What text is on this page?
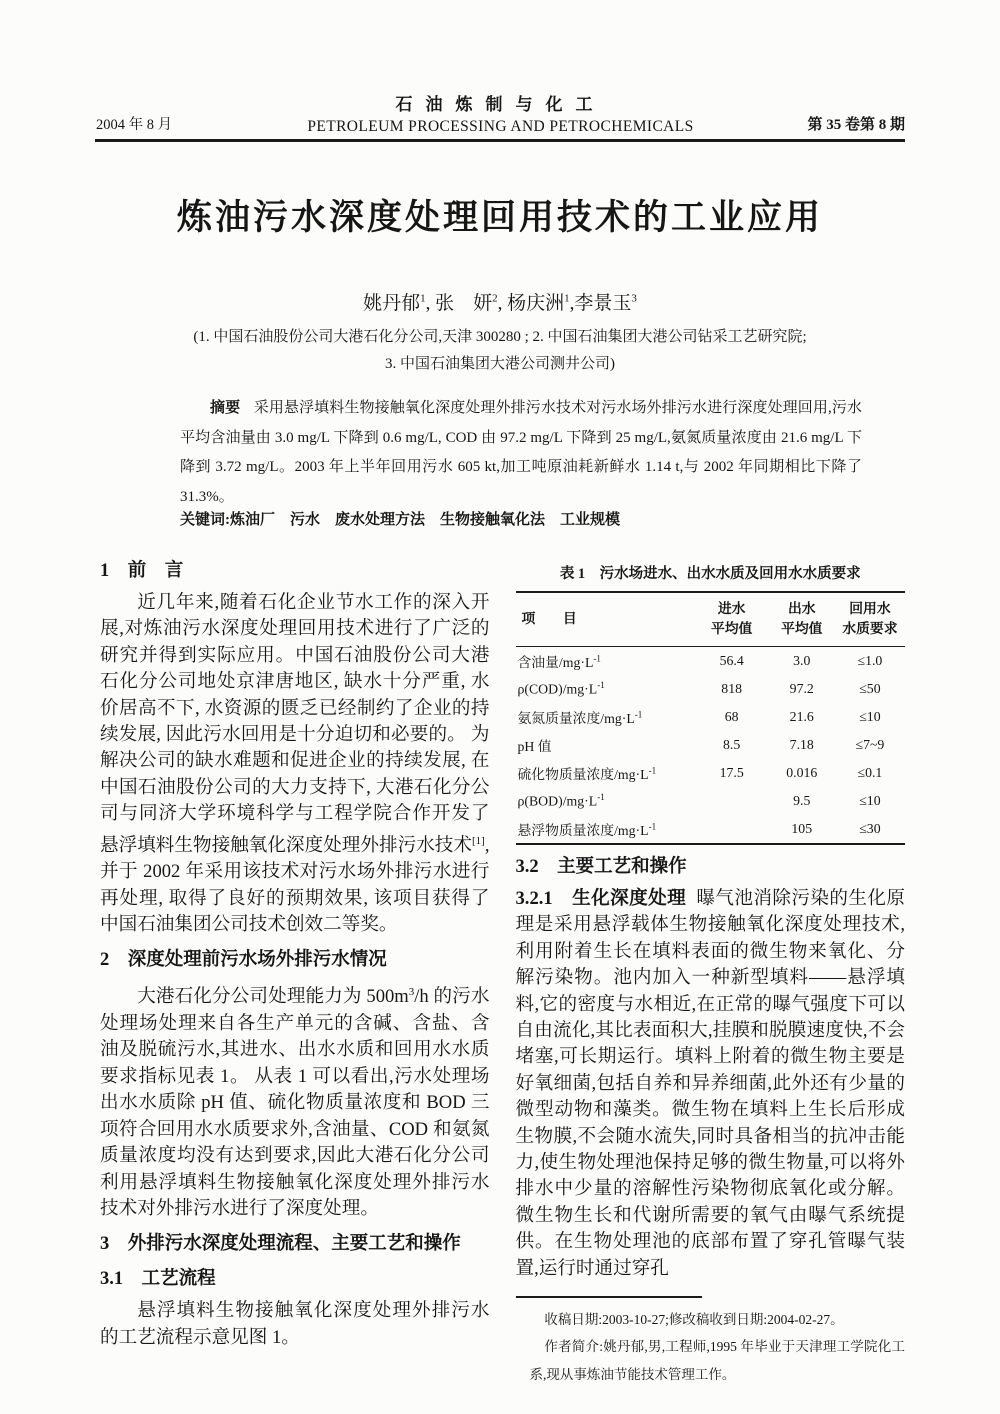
2004 年 8 月
石油炼制与化工
PETROLEUM PROCESSING AND PETROCHEMICALS	第 35 卷第 8 期
炼油污水深度处理回用技术的工业应用
姚丹郁$^1$, 张　妍$^2$, 杨庆洲$^1$,李景玉$^3$
(1. 中国石油股份公司大港石化分公司,天津 300280 ; 2. 中国石油集团大港公司钻采工艺研究院;
3. 中国石油集团大港公司测井公司)

摘要 采用悬浮填料生物接触氧化深度处理外排污水技术对污水场外排污水进行深度处理回用,污水平均含油量由 3.0 mg/L 下降到 0.6 mg/L, COD 由 97.2 mg/L 下降到 25 mg/L,氨氮质量浓度由 21.6 mg/L 下降到 3.72 mg/L。2003 年上半年回用污水 605 kt,加工吨原油耗新鲜水 1.14 t,与 2002 年同期相比下降了 31.3%。

关键词:炼油厂　污水　废水处理方法　生物接触氧化法　工业规模

1　前　言

近几年来,随着石化企业节水工作的深入开展,对炼油污水深度处理回用技术进行了广泛的研究并得到实际应用。中国石油股份公司大港石化分公司地处京津唐地区, 缺水十分严重, 水价居高不下, 水资源的匮乏已经制约了企业的持续发展, 因此污水回用是十分迫切和必要的。 为解决公司的缺水难题和促进企业的持续发展, 在中国石油股份公司的大力支持下, 大港石化分公司与同济大学环境科学与工程学院合作开发了悬浮填料生物接触氧化深度处理外排污水技术[1], 并于 2002 年采用该技术对污水场外排污水进行再处理, 取得了良好的预期效果, 该项目获得了中国石油集团公司技术创效二等奖。

2　深度处理前污水场外排污水情况

大港石化分公司处理能力为 $500m^3/h$ 的污水处理场处理来自各生产单元的含碱、含盐、含油及脱硫污水,其进水、出水水质和回用水水质要求指标见表 1。 从表 1 可以看出,污水处理场出水水质除 pH 值、硫化物质量浓度和 BOD 三项符合回用水水质要求外,含油量、COD 和氨氮质量浓度均没有达到要求,因此大港石化分公司利用悬浮填料生物接触氧化深度处理外排污水技术对外排污水进行了深度处理。

3　外排污水深度处理流程、主要工艺和操作
3.1　工艺流程

悬浮填料生物接触氧化深度处理外排污水的工艺流程示意见图 1。

表 1　污水场进水、出水水质及回用水水质要求
项　　目	
进水
平均值

出水
平均值

回用水
水质要求

含油量$/mg\cdot L^{-1}$	56.4	3.0	≤1.0
$\rho(COD)/mg\cdot L^{-1}$	818	97.2	≤50
氨氮质量浓度$/mg\cdot L^{-1}$	68	21.6	≤10
pH 值	8.5	7.18	≤7~9
硫化物质量浓度$/mg\cdot L^{-1}$	17.5	0.016	≤0.1
$\rho(BOD)/mg\cdot L^{-1}$		9.5	≤10
悬浮物质量浓度$/mg\cdot L^{-1}$		105	≤30
3.2　主要工艺和操作

3.2.1　生化深度处理 曝气池消除污染的生化原理是采用悬浮载体生物接触氧化深度处理技术,利用附着生长在填料表面的微生物来氧化、分解污染物。池内加入一种新型填料——悬浮填料,它的密度与水相近,在正常的曝气强度下可以自由流化,其比表面积大,挂膜和脱膜速度快,不会堵塞,可长期运行。填料上附着的微生物主要是好氧细菌,包括自养和异养细菌,此外还有少量的微型动物和藻类。微生物在填料上生长后形成生物膜,不会随水流失,同时具备相当的抗冲击能力,使生物处理池保持足够的微生物量,可以将外排水中少量的溶解性污染物彻底氧化或分解。微生物生长和代谢所需要的氧气由曝气系统提供。在生物处理池的底部布置了穿孔管曝气装置,运行时通过穿孔

收稿日期:2003-10-27;修改稿收到日期:2004-02-27。

作者简介:姚丹郁,男,工程师,1995 年毕业于天津理工学院化工系,现从事炼油节能技术管理工作。
